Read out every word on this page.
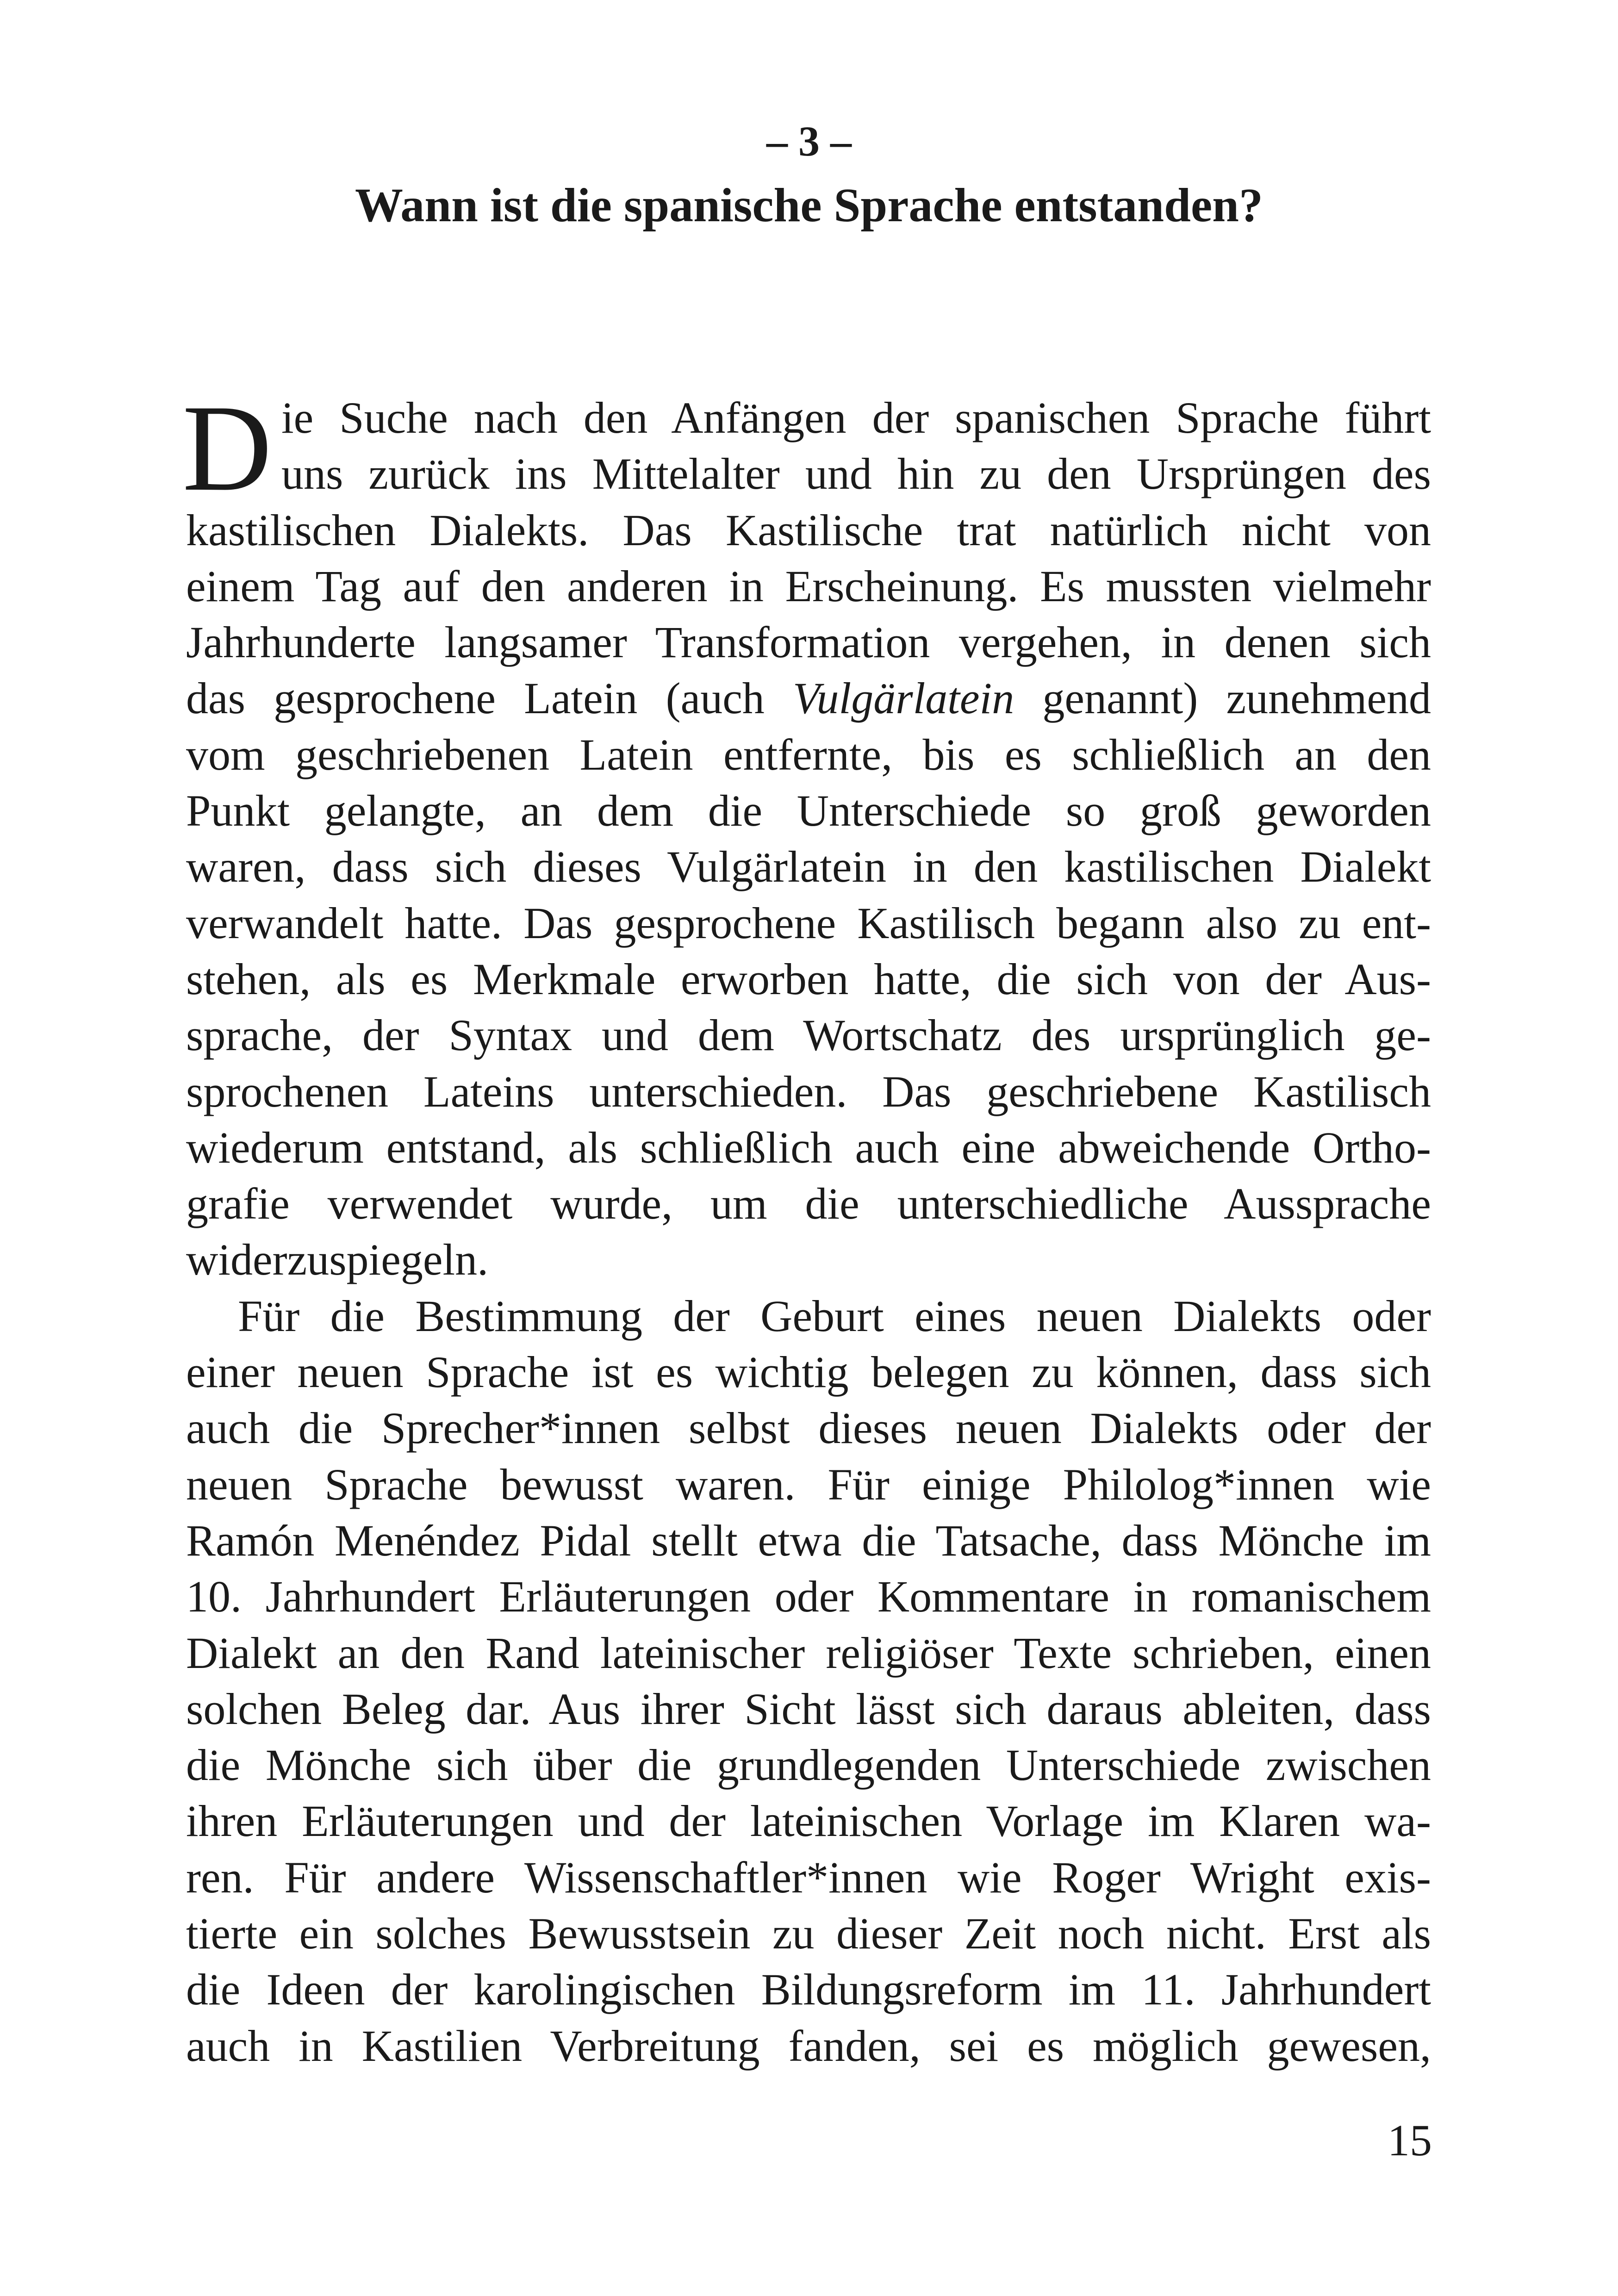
– 3 –
Wann ist die spanische Sprache entstanden?
D ie Suche nach den Anfängen der spanischen Sprache führt
uns zurück ins Mittelalter und hin zu den Ursprüngen des
kastilischen Dialekts. Das Kastilische trat natürlich nicht von
einem Tag auf den anderen in Erscheinung. Es mussten vielmehr
Jahrhunderte langsamer Transformation vergehen, in denen sich
das gesprochene Latein (auch Vulgärlatein genannt) zunehmend
vom geschriebenen Latein entfernte, bis es schließlich an den
Punkt gelangte, an dem die Unterschiede so groß geworden
waren, dass sich dieses Vulgärlatein in den kastilischen Dialekt
verwandelt hatte. Das gesprochene Kastilisch begann also zu ent-
stehen, als es Merkmale erworben hatte, die sich von der Aus-
sprache, der Syntax und dem Wortschatz des ursprünglich ge-
sprochenen Lateins unterschieden. Das geschriebene Kastilisch
wiederum entstand, als schließlich auch eine abweichende Ortho-
grafie verwendet wurde, um die unterschiedliche Aussprache
widerzuspiegeln.
Für die Bestimmung der Geburt eines neuen Dialekts oder
einer neuen Sprache ist es wichtig belegen zu können, dass sich
auch die Sprecher*innen selbst dieses neuen Dialekts oder der
neuen Sprache bewusst waren. Für einige Philolog*innen wie
Ramón Menéndez Pidal stellt etwa die Tatsache, dass Mönche im
10. Jahrhundert Erläuterungen oder Kommentare in romanischem
Dialekt an den Rand lateinischer religiöser Texte schrieben, einen
solchen Beleg dar. Aus ihrer Sicht lässt sich daraus ableiten, dass
die Mönche sich über die grundlegenden Unterschiede zwischen
ihren Erläuterungen und der lateinischen Vorlage im Klaren wa-
ren. Für andere Wissenschaftler*innen wie Roger Wright exis-
tierte ein solches Bewusstsein zu dieser Zeit noch nicht. Erst als
die Ideen der karolingischen Bildungsreform im 11. Jahrhundert
auch in Kastilien Verbreitung fanden, sei es möglich gewesen,
15
